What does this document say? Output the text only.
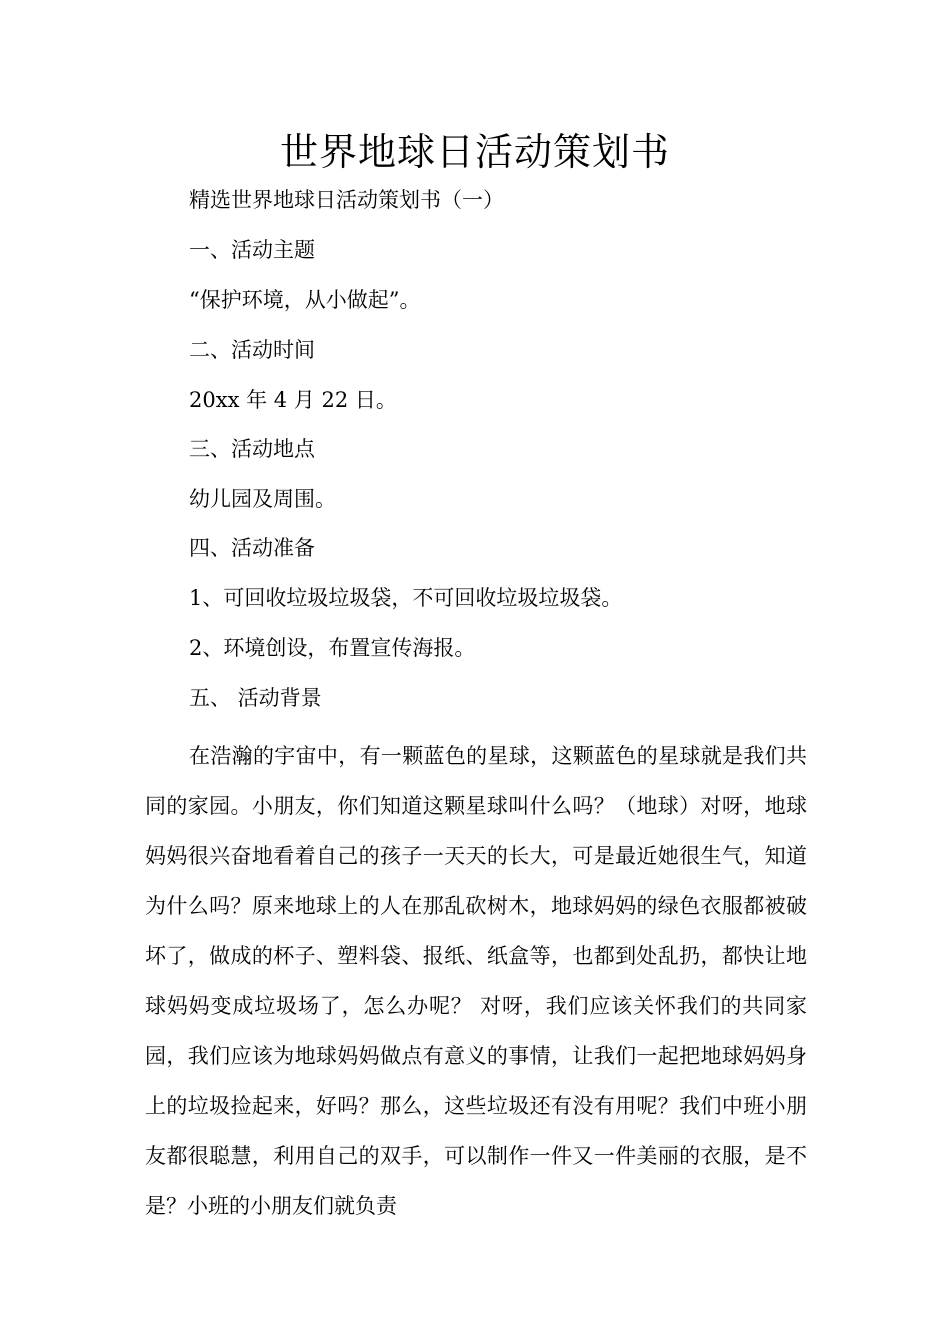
世界地球日活动策划书

精选世界地球日活动策划书（一）

一、活动主题

“保护环境，从小做起”。

二、活动时间

20xx 年 4 月 22 日。

三、活动地点

幼儿园及周围。

四、活动准备

1、可回收垃圾垃圾袋，不可回收垃圾垃圾袋。

2、环境创设，布置宣传海报。

五、 活动背景

在浩瀚的宇宙中，有一颗蓝色的星球，这颗蓝色的星球就是我们共同的家园。小朋友，你们知道这颗星球叫什么吗？（地球）对呀，地球妈妈很兴奋地看着自己的孩子一天天的长大，可是最近她很生气，知道为什么吗？原来地球上的人在那乱砍树木，地球妈妈的绿色衣服都被破坏了，做成的杯子、塑料袋、报纸、纸盒等，也都到处乱扔，都快让地球妈妈变成垃圾场了，怎么办呢？ 对呀，我们应该关怀我们的共同家园，我们应该为地球妈妈做点有意义的事情，让我们一起把地球妈妈身上的垃圾捡起来，好吗？那么，这些垃圾还有没有用呢？我们中班小朋友都很聪慧，利用自己的双手，可以制作一件又一件美丽的衣服，是不是？小班的小朋友们就负责
